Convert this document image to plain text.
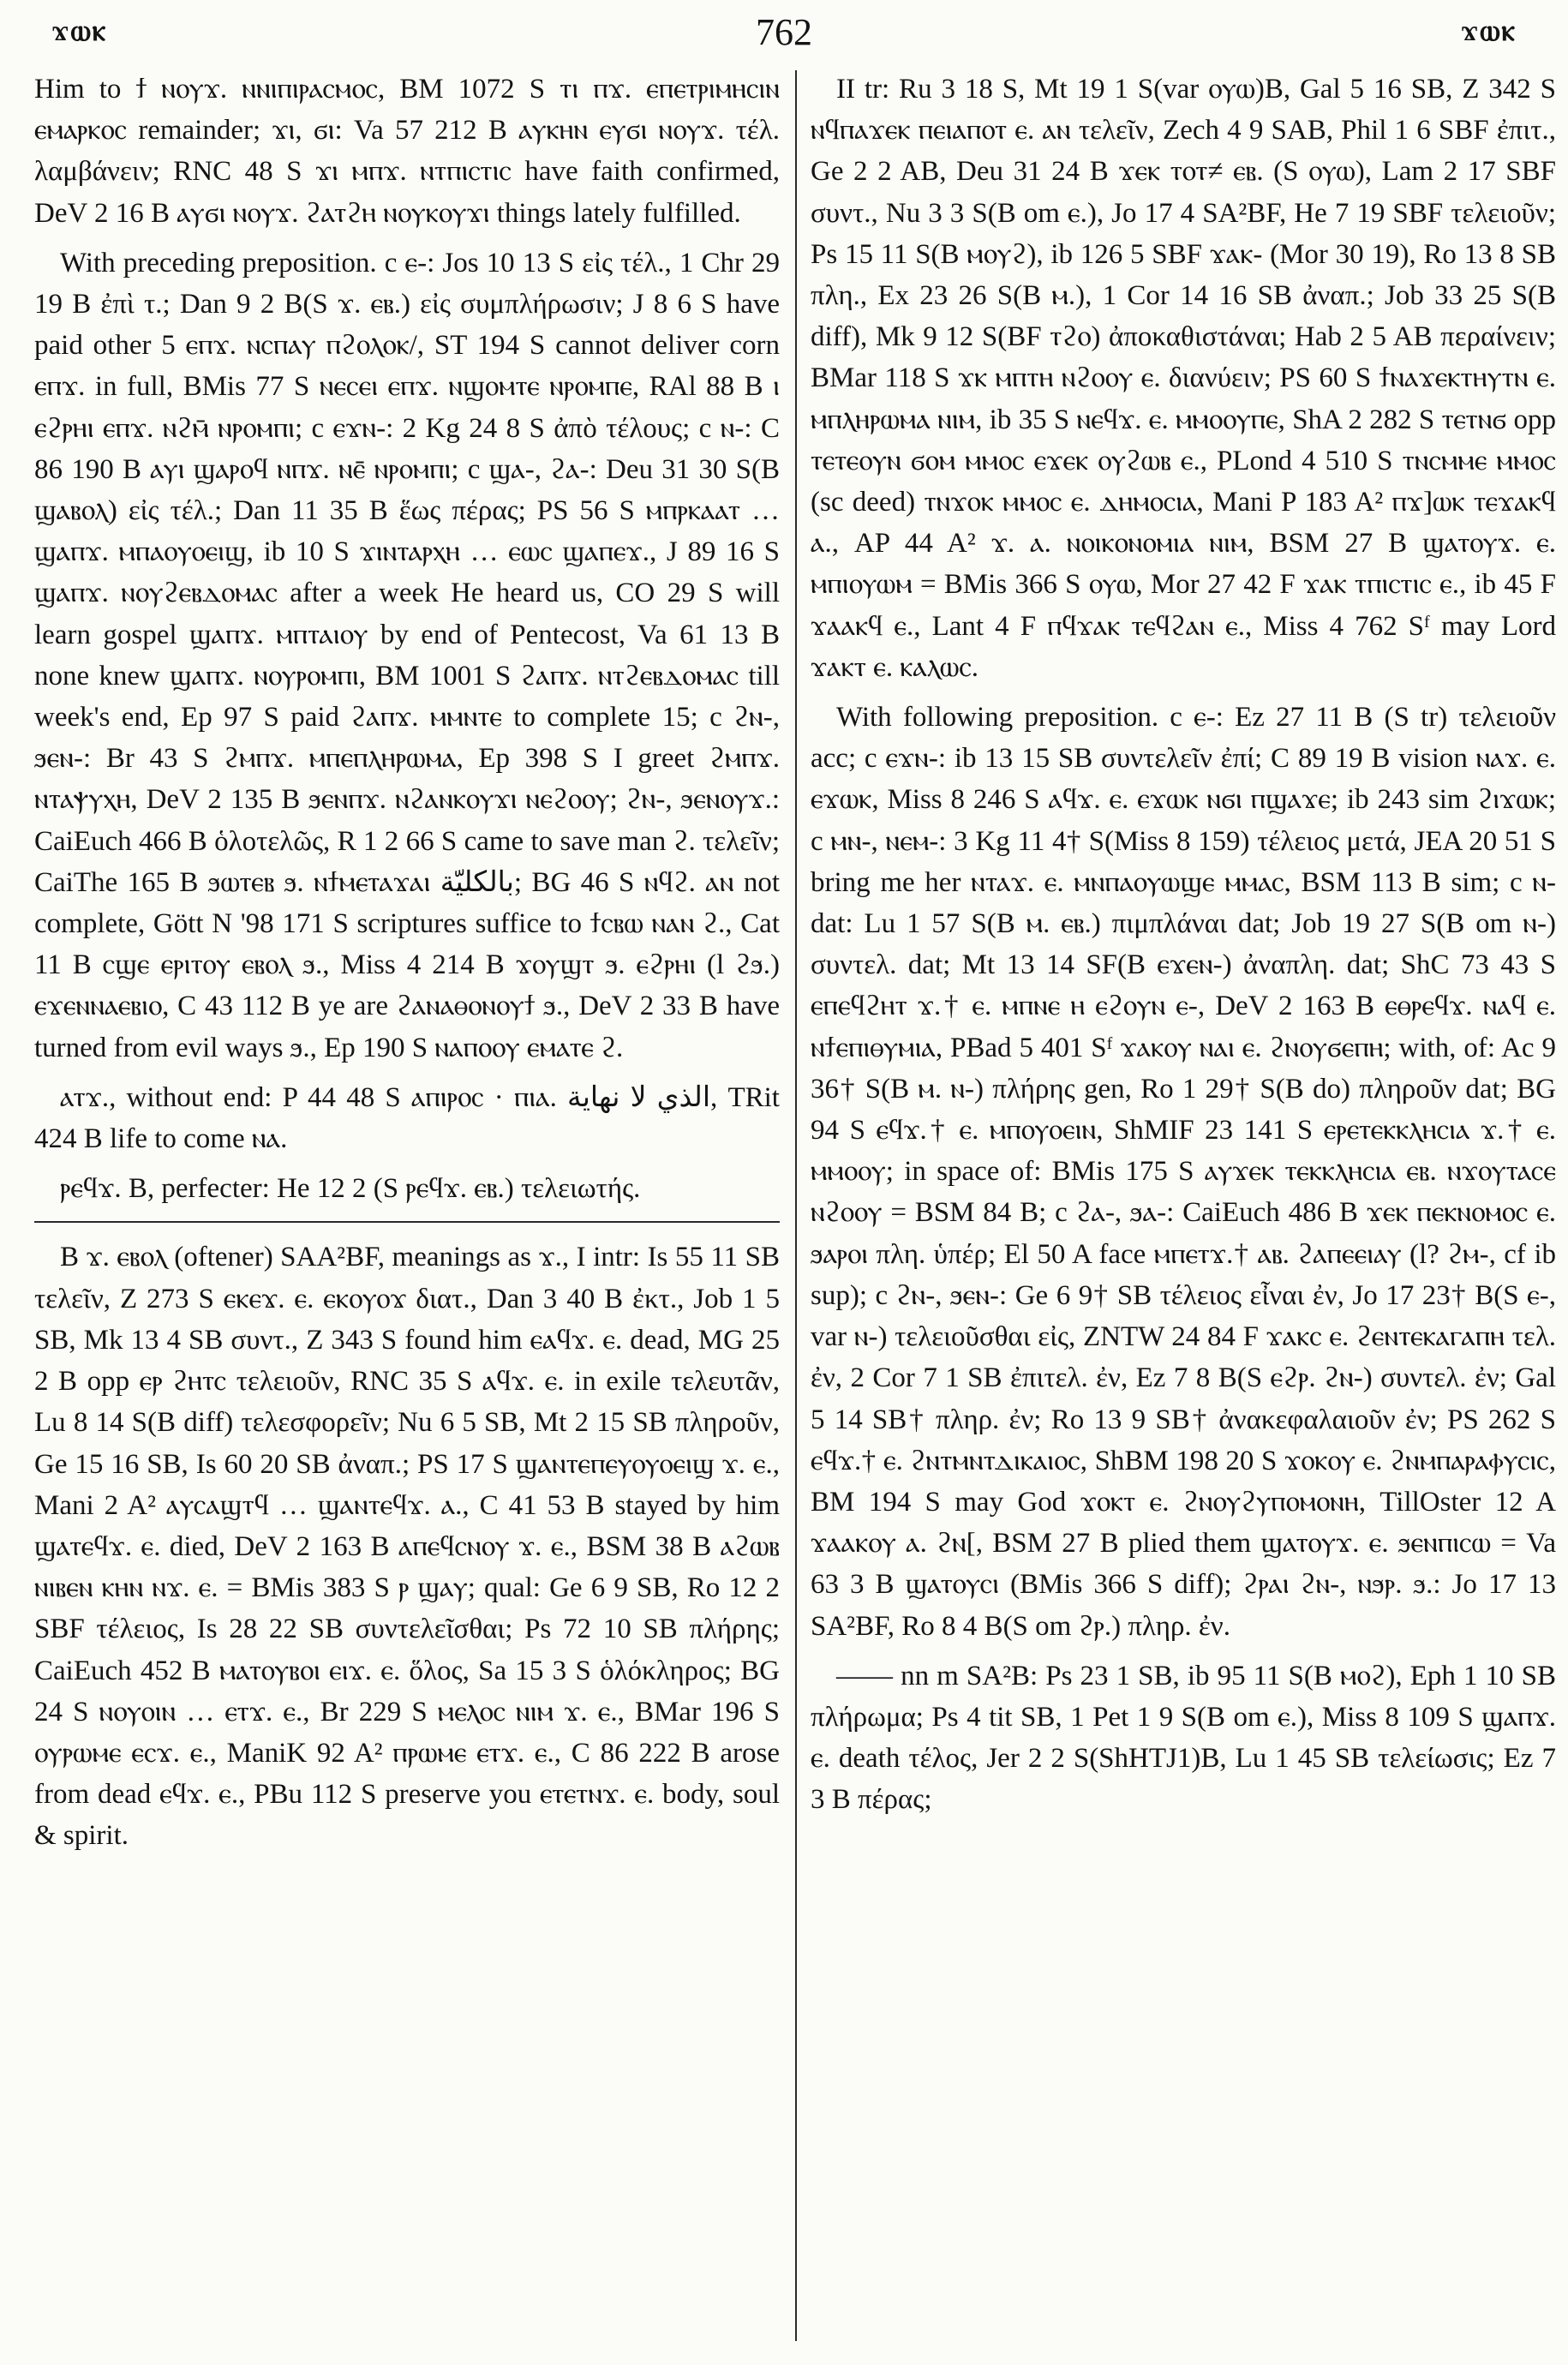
ϫⲱⲕ	762	ϫⲱⲕ

Him to ϯ ⲛⲟⲩϫ. ⲛⲛⲓⲡⲓⲣⲁⲥⲙⲟⲥ, BM 1072 S ⲧⲓ ⲡϫ. ⲉⲡⲉⲧⲣⲓⲙⲏⲥⲓⲛ ⲉⲙⲁⲣⲕⲟⲥ remainder; ϫⲓ, ϭⲓ: Va 57 212 B ⲁⲩⲕⲏⲛ ⲉⲩϭⲓ ⲛⲟⲩϫ. τέλ. λαμβάνειν; RNC 48 S ϫⲓ ⲙⲡϫ. ⲛⲧⲡⲓⲥⲧⲓⲥ have faith confirmed, DeV 2 16 B ⲁⲩϭⲓ ⲛⲟⲩϫ. ϩⲁⲧϩⲏ ⲛⲟⲩⲕⲟⲩϫⲓ things lately fulfilled.

With preceding preposition. c ⲉ-: Jos 10 13 S εἰς τέλ., 1 Chr 29 19 B ἐπὶ τ.; Dan 9 2 B(S ϫ. ⲉⲃ.) εἰς συμπλήρωσιν; J 8 6 S have paid other 5 ⲉⲡϫ. ⲛⲥⲡⲁⲩ ⲡϩⲟⲗⲟⲕ/, ST 194 S cannot deliver corn ⲉⲡϫ. in full, BMis 77 S ⲛⲉⲥⲉⲓ ⲉⲡϫ. ⲛϣⲟⲙⲧⲉ ⲛⲣⲟⲙⲡⲉ, RAl 88 B ⲓ ⲉϩⲣⲏⲓ ⲉⲡϫ. ⲛϩⲙ̄ ⲛⲣⲟⲙⲡⲓ; c ⲉϫⲛ-: 2 Kg 24 8 S ἀπὸ τέλους; c ⲛ-: C 86 190 B ⲁⲩⲓ ϣⲁⲣⲟϥ ⲛⲡϫ. ⲛⲉ̄ ⲛⲣⲟⲙⲡⲓ; c ϣⲁ-, ϩⲁ-: Deu 31 30 S(B ϣⲁⲃⲟⲗ) εἰς τέλ.; Dan 11 35 B ἕως πέρας; PS 56 S ⲙⲡⲣⲕⲁⲁⲧ … ϣⲁⲡϫ. ⲙⲡⲁⲟⲩⲟⲉⲓϣ, ib 10 S ϫⲓⲛⲧⲁⲣⲭⲏ … ⲉⲱⲥ ϣⲁⲡⲉϫ., J 89 16 S ϣⲁⲡϫ. ⲛⲟⲩϩⲉⲃⲇⲟⲙⲁⲥ after a week He heard us, CO 29 S will learn gospel ϣⲁⲡϫ. ⲙⲡⲧⲁⲓⲟⲩ by end of Pentecost, Va 61 13 B none knew ϣⲁⲡϫ. ⲛⲟⲩⲣⲟⲙⲡⲓ, BM 1001 S ϩⲁⲡϫ. ⲛⲧϩⲉⲃⲇⲟⲙⲁⲥ till week's end, Ep 97 S paid ϩⲁⲡϫ. ⲙⲙⲛⲧⲉ to complete 15; c ϩⲛ-, ϧⲉⲛ-: Br 43 S ϩⲙⲡϫ. ⲙⲡⲉⲡⲗⲏⲣⲱⲙⲁ, Ep 398 S I greet ϩⲙⲡϫ. ⲛⲧⲁⲯⲩⲭⲏ, DeV 2 135 B ϧⲉⲛⲡϫ. ⲛϩⲁⲛⲕⲟⲩϫⲓ ⲛⲉϩⲟⲟⲩ; ϩⲛ-, ϧⲉⲛⲟⲩϫ.: CaiEuch 466 B ὁλοτελῶς, R 1 2 66 S came to save man ϩ. τελεῖν; CaiThe 165 B ϧⲱⲧⲉⲃ ϧ. ⲛϯⲙⲉⲧⲁϫⲁⲓ بالكليّة; BG 46 S ⲛϥϩ. ⲁⲛ not complete, Gött N '98 171 S scriptures suffice to ϯⲥⲃⲱ ⲛⲁⲛ ϩ., Cat 11 B ⲥϣⲉ ⲉⲣⲓⲧⲟⲩ ⲉⲃⲟⲗ ϧ., Miss 4 214 B ϫⲟⲩϣⲧ ϧ. ⲉϩⲣⲏⲓ (l ϩϧ.) ⲉϫⲉⲛⲛⲁⲉⲃⲓⲟ, C 43 112 B ye are ϩⲁⲛⲁⲑⲟⲛⲟⲩϯ ϧ., DeV 2 33 B have turned from evil ways ϧ., Ep 190 S ⲛⲁⲡⲟⲟⲩ ⲉⲙⲁⲧⲉ ϩ.

ⲁⲧϫ., without end: P 44 48 S ⲁⲡⲓⲣⲟⲥ · ⲡⲓⲁ. الذي لا نهاية, TRit 424 B life to come ⲛⲁ.

ⲣⲉϥϫ. B, perfecter: He 12 2 (S ⲣⲉϥϫ. ⲉⲃ.) τελειωτής.

B ϫ. ⲉⲃⲟⲗ (oftener) SAA²BF, meanings as ϫ., I intr: Is 55 11 SB τελεῖν, Z 273 S ⲉⲕⲉϫ. ⲉ. ⲉⲕⲟⲩⲟϫ διατ., Dan 3 40 B ἐκτ., Job 1 5 SB, Mk 13 4 SB συντ., Z 343 S found him ⲉⲁϥϫ. ⲉ. dead, MG 25 2 B opp ⲉⲣ ϩⲏⲧⲥ τελειοῦν, RNC 35 S ⲁϥϫ. ⲉ. in exile τελευτᾶν, Lu 8 14 S(B diff) τελεσφορεῖν; Nu 6 5 SB, Mt 2 15 SB πληροῦν, Ge 15 16 SB, Is 60 20 SB ἀναπ.; PS 17 S ϣⲁⲛⲧⲉⲡⲉⲩⲟⲩⲟⲉⲓϣ ϫ. ⲉ., Mani 2 A² ⲁⲩⲥⲁϣⲧϥ … ϣⲁⲛⲧⲉϥϫ. ⲁ., C 41 53 B stayed by him ϣⲁⲧⲉϥϫ. ⲉ. died, DeV 2 163 B ⲁⲡⲉϥⲥⲛⲟⲩ ϫ. ⲉ., BSM 38 B ⲁϩⲱⲃ ⲛⲓⲃⲉⲛ ⲕⲏⲛ ⲛϫ. ⲉ. = BMis 383 S ⲣ ϣⲁⲩ; qual: Ge 6 9 SB, Ro 12 2 SBF τέλειος, Is 28 22 SB συντελεῖσθαι; Ps 72 10 SB πλήρης; CaiEuch 452 B ⲙⲁⲧⲟⲩⲃⲟⲓ ⲉⲓϫ. ⲉ. ὅλος, Sa 15 3 S ὁλόκληρος; BG 24 S ⲛⲟⲩⲟⲓⲛ … ⲉⲧϫ. ⲉ., Br 229 S ⲙⲉⲗⲟⲥ ⲛⲓⲙ ϫ. ⲉ., BMar 196 S ⲟⲩⲣⲱⲙⲉ ⲉⲥϫ. ⲉ., ManiK 92 A² ⲡⲣⲱⲙⲉ ⲉⲧϫ. ⲉ., C 86 222 B arose from dead ⲉϥϫ. ⲉ., PBu 112 S preserve you ⲉⲧⲉⲧⲛϫ. ⲉ. body, soul & spirit.

II tr: Ru 3 18 S, Mt 19 1 S(var ⲟⲩⲱ)B, Gal 5 16 SB, Z 342 S ⲛϥⲡⲁϫⲉⲕ ⲡⲉⲓⲁⲡⲟⲧ ⲉ. ⲁⲛ τελεῖν, Zech 4 9 SAB, Phil 1 6 SBF ἐπιτ., Ge 2 2 AB, Deu 31 24 B ϫⲉⲕ ⲧⲟⲧ≠ ⲉⲃ. (S ⲟⲩⲱ), Lam 2 17 SBF συντ., Nu 3 3 S(B om ⲉ.), Jo 17 4 SA²BF, He 7 19 SBF τελειοῦν; Ps 15 11 S(B ⲙⲟⲩϩ), ib 126 5 SBF ϫⲁⲕ- (Mor 30 19), Ro 13 8 SB πλη., Ex 23 26 S(B ⲙ.), 1 Cor 14 16 SB ἀναπ.; Job 33 25 S(B diff), Mk 9 12 S(BF ⲧϩⲟ) ἀποκαθιστάναι; Hab 2 5 AB περαίνειν; BMar 118 S ϫⲕ ⲙⲡⲧⲏ ⲛϩⲟⲟⲩ ⲉ. διανύειν; PS 60 S ϯⲛⲁϫⲉⲕⲧⲏⲩⲧⲛ ⲉ. ⲙⲡⲗⲏⲣⲱⲙⲁ ⲛⲓⲙ, ib 35 S ⲛⲉϥϫ. ⲉ. ⲙⲙⲟⲟⲩⲡⲉ, ShA 2 282 S ⲧⲉⲧⲛϭ opp ⲧⲉⲧⲉⲟⲩⲛ ϭⲟⲙ ⲙⲙⲟⲥ ⲉϫⲉⲕ ⲟⲩϩⲱⲃ ⲉ., PLond 4 510 S ⲧⲛⲥⲙⲙⲉ ⲙⲙⲟⲥ (sc deed) ⲧⲛϫⲟⲕ ⲙⲙⲟⲥ ⲉ. ⲇⲏⲙⲟⲥⲓⲁ, Mani P 183 A² ⲡϫ]ⲱⲕ ⲧⲉϫⲁⲕϥ ⲁ., AP 44 A² ϫ. ⲁ. ⲛⲟⲓⲕⲟⲛⲟⲙⲓⲁ ⲛⲓⲙ, BSM 27 B ϣⲁⲧⲟⲩϫ. ⲉ. ⲙⲡⲓⲟⲩⲱⲙ = BMis 366 S ⲟⲩⲱ, Mor 27 42 F ϫⲁⲕ ⲧⲡⲓⲥⲧⲓⲥ ⲉ., ib 45 F ϫⲁⲁⲕϥ ⲉ., Lant 4 F ⲡϥϫⲁⲕ ⲧⲉϥϩⲁⲛ ⲉ., Miss 4 762 Sᶠ may Lord ϫⲁⲕⲧ ⲉ. ⲕⲁⲗⲱⲥ.

With following preposition. c ⲉ-: Ez 27 11 B (S tr) τελειοῦν acc; c ⲉϫⲛ-: ib 13 15 SB συντελεῖν ἐπί; C 89 19 B vision ⲛⲁϫ. ⲉ. ⲉϫⲱⲕ, Miss 8 246 S ⲁϥϫ. ⲉ. ⲉϫⲱⲕ ⲛϭⲓ ⲡϣⲁϫⲉ; ib 243 sim ϩⲓϫⲱⲕ; c ⲙⲛ-, ⲛⲉⲙ-: 3 Kg 11 4† S(Miss 8 159) τέλειος μετά, JEA 20 51 S bring me her ⲛⲧⲁϫ. ⲉ. ⲙⲛⲡⲁⲟⲩⲱϣⲉ ⲙⲙⲁⲥ, BSM 113 B sim; c ⲛ- dat: Lu 1 57 S(B ⲙ. ⲉⲃ.) πιμπλάναι dat; Job 19 27 S(B om ⲛ-) συντελ. dat; Mt 13 14 SF(B ⲉϫⲉⲛ-) ἀναπλη. dat; ShC 73 43 S ⲉⲡⲉϥϩⲏⲧ ϫ.† ⲉ. ⲙⲡⲛⲉ ⲏ ⲉϩⲟⲩⲛ ⲉ-, DeV 2 163 B ⲉⲑⲣⲉϥϫ. ⲛⲁϥ ⲉ. ⲛϯⲉⲡⲓⲑⲩⲙⲓⲁ, PBad 5 401 Sᶠ ϫⲁⲕⲟⲩ ⲛⲁⲓ ⲉ. ϩⲛⲟⲩϭⲉⲡⲏ; with, of: Ac 9 36† S(B ⲙ. ⲛ-) πλήρης gen, Ro 1 29† S(B do) πληροῦν dat; BG 94 S ⲉϥϫ.† ⲉ. ⲙⲡⲟⲩⲟⲉⲓⲛ, ShMIF 23 141 S ⲉⲣⲉⲧⲉⲕⲕⲗⲏⲥⲓⲁ ϫ.† ⲉ. ⲙⲙⲟⲟⲩ; in space of: BMis 175 S ⲁⲩϫⲉⲕ ⲧⲉⲕⲕⲗⲏⲥⲓⲁ ⲉⲃ. ⲛϫⲟⲩⲧⲁⲥⲉ ⲛϩⲟⲟⲩ = BSM 84 B; c ϩⲁ-, ϧⲁ-: CaiEuch 486 B ϫⲉⲕ ⲡⲉⲕⲛⲟⲙⲟⲥ ⲉ. ϧⲁⲣⲟⲓ πλη. ὑπέρ; El 50 A face ⲙⲡⲉⲧϫ.† ⲁⲃ. ϩⲁⲡⲉⲉⲓⲁⲩ (l? ϩⲙ-, cf ib sup); c ϩⲛ-, ϧⲉⲛ-: Ge 6 9† SB τέλειος εἶναι ἐν, Jo 17 23† B(S ⲉ-, var ⲛ-) τελειοῦσθαι εἰς, ZNTW 24 84 F ϫⲁⲕⲥ ⲉ. ϩⲉⲛⲧⲉⲕⲁⲅⲁⲡⲏ τελ. ἐν, 2 Cor 7 1 SB ἐπιτελ. ἐν, Ez 7 8 B(S ⲉϩⲣ. ϩⲛ-) συντελ. ἐν; Gal 5 14 SB† πληρ. ἐν; Ro 13 9 SB† ἀνακεφαλαιοῦν ἐν; PS 262 S ⲉϥϫ.† ⲉ. ϩⲛⲧⲙⲛⲧⲇⲓⲕⲁⲓⲟⲥ, ShBM 198 20 S ϫⲟⲕⲟⲩ ⲉ. ϩⲛⲙⲡⲁⲣⲁⲫⲩⲥⲓⲥ, BM 194 S may God ϫⲟⲕⲧ ⲉ. ϩⲛⲟⲩϩⲩⲡⲟⲙⲟⲛⲏ, TillOster 12 A ϫⲁⲁⲕⲟⲩ ⲁ. ϩⲛ[, BSM 27 B plied them ϣⲁⲧⲟⲩϫ. ⲉ. ϧⲉⲛⲡⲓⲥⲱ = Va 63 3 B ϣⲁⲧⲟⲩⲥⲓ (BMis 366 S diff); ϩⲣⲁⲓ ϩⲛ-, ⲛϧⲣ. ϧ.: Jo 17 13 SA²BF, Ro 8 4 B(S om ϩⲣ.) πληρ. ἐν.

—— nn m SA²B: Ps 23 1 SB, ib 95 11 S(B ⲙⲟϩ), Eph 1 10 SB πλήρωμα; Ps 4 tit SB, 1 Pet 1 9 S(B om ⲉ.), Miss 8 109 S ϣⲁⲡϫ. ⲉ. death τέλος, Jer 2 2 S(ShHTJ1)B, Lu 1 45 SB τελείωσις; Ez 7 3 B πέρας;
